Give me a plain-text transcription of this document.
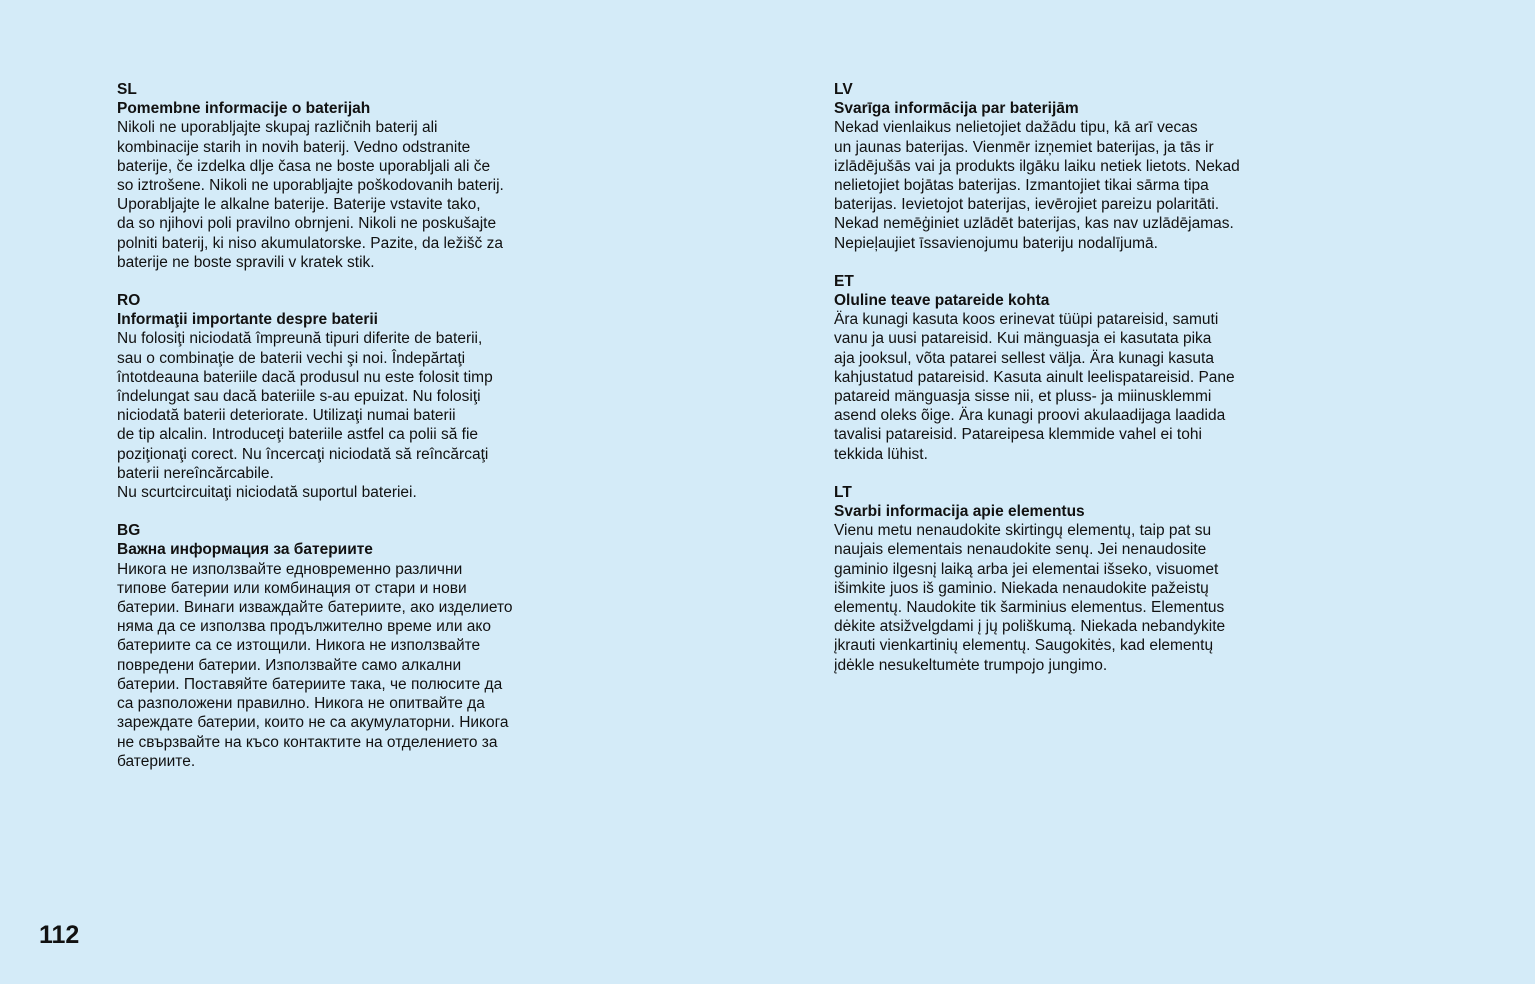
SL
Pomembne informacije o baterijah
Nikoli ne uporabljajte skupaj različnih baterij ali
kombinacije starih in novih baterij. Vedno odstranite
baterije, če izdelka dlje časa ne boste uporabljali ali če
so iztrošene. Nikoli ne uporabljajte poškodovanih baterij.
Uporabljajte le alkalne baterije. Baterije vstavite tako,
da so njihovi poli pravilno obrnjeni. Nikoli ne poskušajte
polniti baterij, ki niso akumulatorske. Pazite, da ležišč za
baterije ne boste spravili v kratek stik.
RO
Informaţii importante despre baterii
Nu folosiţi niciodată împreună tipuri diferite de baterii,
sau o combinaţie de baterii vechi şi noi. Îndepărtaţi
întotdeauna bateriile dacă produsul nu este folosit timp
îndelungat sau dacă bateriile s-au epuizat. Nu folosiţi
niciodată baterii deteriorate. Utilizaţi numai baterii
de tip alcalin. Introduceţi bateriile astfel ca polii să fie
poziţionaţi corect. Nu încercaţi niciodată să reîncărcaţi
baterii nereîncărcabile.
Nu scurtcircuitaţi niciodată suportul bateriei.
BG
Важна информация за батериите
Никога не използвайте едновременно различни
типове батерии или комбинация от стари и нови
батерии. Винаги изваждайте батериите, ако изделието
няма да се използва продължително време или ако
батериите са се изтощили. Никога не използвайте
повредени батерии. Използвайте само алкални
батерии. Поставяйте батериите така, че полюсите да
са разположени правилно. Никога не опитвайте да
зареждате батерии, които не са акумулаторни. Никога
не свързвайте на късо контактите на отделението за
батериите.
LV
Svarīga informācija par baterijām
Nekad vienlaikus nelietojiet dažādu tipu, kā arī vecas
un jaunas baterijas. Vienmēr izņemiet baterijas, ja tās ir
izlādējušās vai ja produkts ilgāku laiku netiek lietots. Nekad
nelietojiet bojātas baterijas. Izmantojiet tikai sārma tipa
baterijas. Ievietojot baterijas, ievērojiet pareizu polaritāti.
Nekad nemēģiniet uzlādēt baterijas, kas nav uzlādējamas.
Nepieļaujiet īssavienojumu bateriju nodalījumā.
ET
Oluline teave patareide kohta
Ära kunagi kasuta koos erinevat tüüpi patareisid, samuti
vanu ja uusi patareisid. Kui mänguasja ei kasutata pika
aja jooksul, võta patarei sellest välja. Ära kunagi kasuta
kahjustatud patareisid. Kasuta ainult leelispatareisid. Pane
patareid mänguasja sisse nii, et pluss- ja miinusklemmi
asend oleks õige. Ära kunagi proovi akulaadijaga laadida
tavalisi patareisid. Patareipesa klemmide vahel ei tohi
tekkida lühist.
LT
Svarbi informacija apie elementus
Vienu metu nenaudokite skirtingų elementų, taip pat su
naujais elementais nenaudokite senų. Jei nenaudosite
gaminio ilgesnį laiką arba jei elementai išseko, visuomet
išimkite juos iš gaminio. Niekada nenaudokite pažeistų
elementų. Naudokite tik šarminius elementus. Elementus
dėkite atsižvelgdami į jų poliškumą. Niekada nebandykite
įkrauti vienkartinių elementų. Saugokitės, kad elementų
įdėkle nesukeltumėte trumpojo jungimo.
112
